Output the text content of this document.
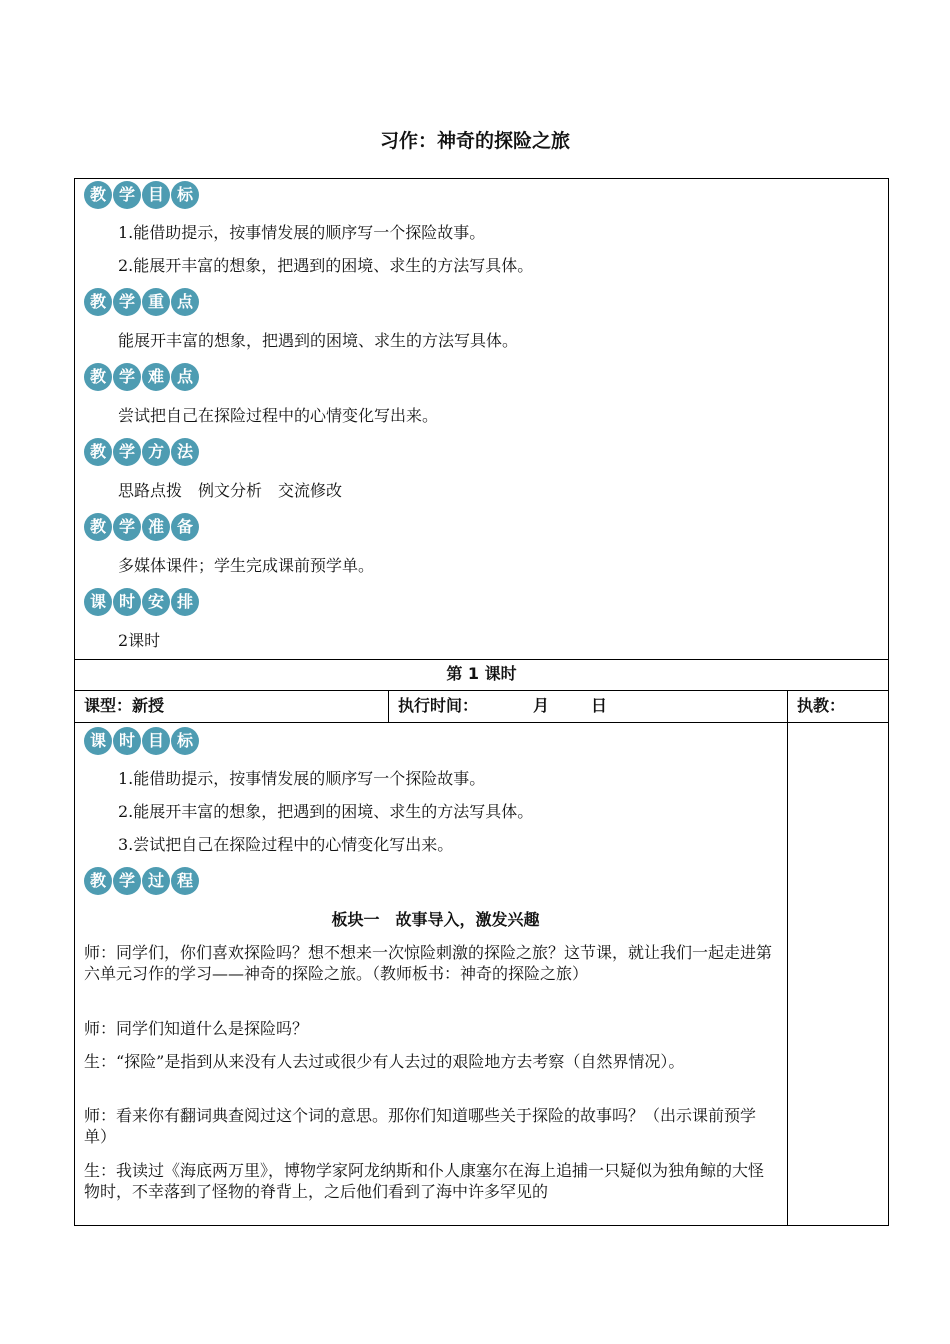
习作：神奇的探险之旅
教 学 目 标
1.能借助提示，按事情发展的顺序写一个探险故事。
2.能展开丰富的想象，把遇到的困境、求生的方法写具体。
教 学 重 点
能展开丰富的想象，把遇到的困境、求生的方法写具体。
教 学 难 点
尝试把自己在探险过程中的心情变化写出来。
教 学 方 法
思路点拨　例文分析　交流修改
教 学 准 备
多媒体课件；学生完成课前预学单。
课 时 安 排
2课时
第 1 课时
课型：新授	执行时间：	月	日	执教：
课 时 目 标
1.能借助提示，按事情发展的顺序写一个探险故事。
2.能展开丰富的想象，把遇到的困境、求生的方法写具体。
3.尝试把自己在探险过程中的心情变化写出来。
教 学 过 程
板块一　故事导入，激发兴趣
师：同学们，你们喜欢探险吗？想不想来一次惊险刺激的探险之旅？这节课，就让我们一起走进第六单元习作的学习——神奇的探险之旅。（教师板书：神奇的探险之旅）
师：同学们知道什么是探险吗？
生：“探险”是指到从来没有人去过或很少有人去过的艰险地方去考察（自然界情况）。
师：看来你有翻词典查阅过这个词的意思。那你们知道哪些关于探险的故事吗？（出示课前预学单）
生：我读过《海底两万里》，博物学家阿龙纳斯和仆人康塞尔在海上追捕一只疑似为独角鲸的大怪物时，不幸落到了怪物的脊背上，之后他们看到了海中许多罕见的
